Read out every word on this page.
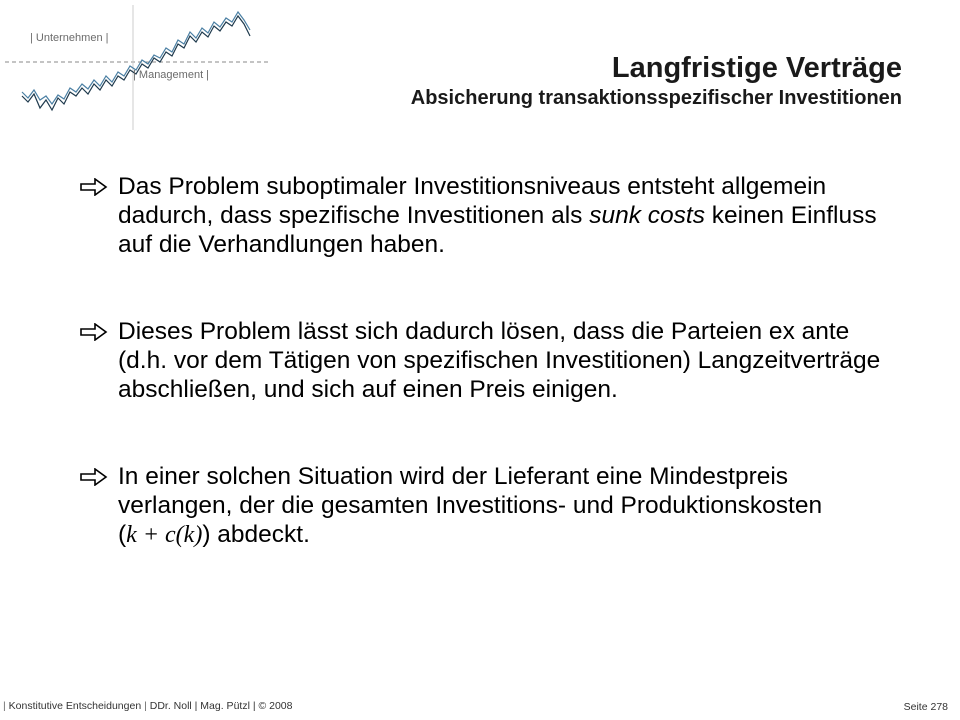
| Unternehmen |
| Management |	Langfristige Verträge
Absicherung transaktionsspezifischer Investitionen
Das Problem suboptimaler Investitionsniveaus entsteht allgemein dadurch, dass spezifische Investitionen als sunk costs keinen Einfluss auf die Verhandlungen haben.
Dieses Problem lässt sich dadurch lösen, dass die Parteien ex ante (d.h. vor dem Tätigen von spezifischen Investitionen) Langzeitverträge abschließen, und sich auf einen Preis einigen.
In einer solchen Situation wird der Lieferant eine Mindestpreis verlangen, der die gesamten Investitions- und Produktionskosten
(k + c(k)) abdeckt.
| Konstitutive Entscheidungen | DDr. Noll | Mag. Pützl | © 2008	Seite 278
